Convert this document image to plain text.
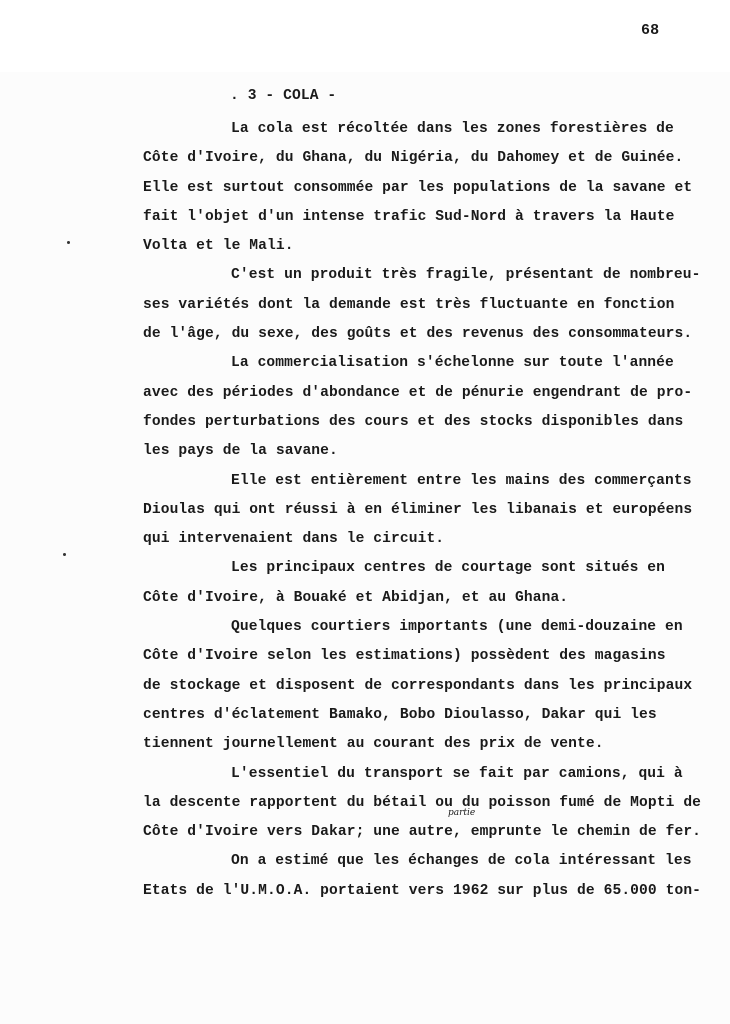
68
. 3 - COLA -
La cola est récoltée dans les zones forestières de
Côte d'Ivoire, du Ghana, du Nigéria, du Dahomey et de Guinée.
Elle est surtout consommée par les populations de la savane et
fait l'objet d'un intense trafic Sud-Nord à travers la Haute
Volta et le Mali.
C'est un produit très fragile, présentant de nombreu-
ses variétés dont la demande est très fluctuante en fonction
de l'âge, du sexe, des goûts et des revenus des consommateurs.
La commercialisation s'échelonne sur toute l'année
avec des périodes d'abondance et de pénurie engendrant de pro-
fondes perturbations des cours et des stocks disponibles dans
les pays de la savane.
Elle est entièrement entre les mains des commerçants
Dioulas qui ont réussi à en éliminer les libanais et européens
qui intervenaient dans le circuit.
Les principaux centres de courtage sont situés en
Côte d'Ivoire, à Bouaké et Abidjan, et au Ghana.
Quelques courtiers importants (une demi-douzaine en
Côte d'Ivoire selon les estimations) possèdent des magasins
de stockage et disposent de correspondants dans les principaux
centres d'éclatement Bamako, Bobo Dioulasso, Dakar qui les
tiennent journellement au courant des prix de vente.
L'essentiel du transport se fait par camions, qui à
la descente rapportent du bétail ou du poisson fumé de Mopti de
Côte d'Ivoire vers Dakar; une autre, emprunte le chemin de fer.
On a estimé que les échanges de cola intéressant les
Etats de l'U.M.O.A. portaient vers 1962 sur plus de 65.000 ton-
partie
